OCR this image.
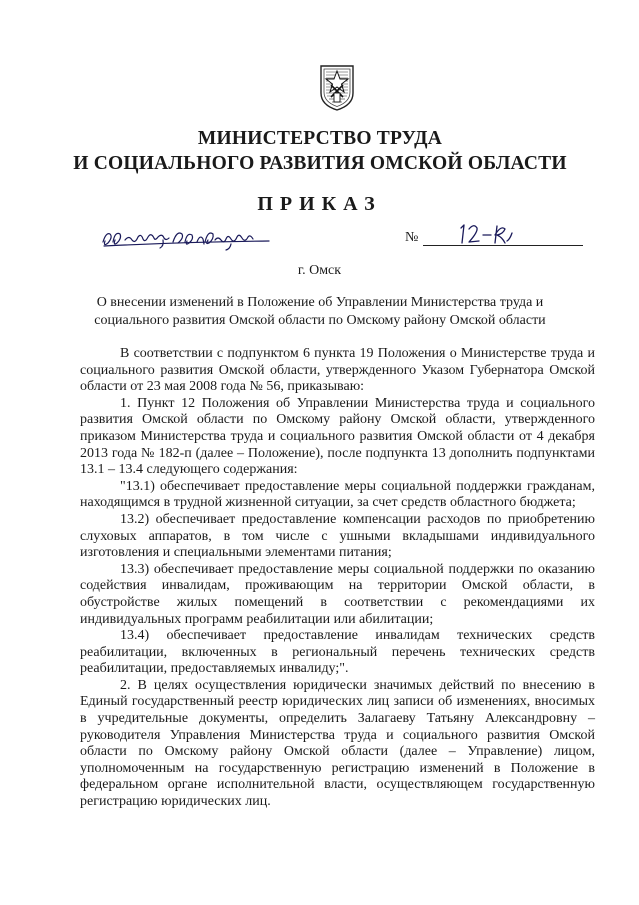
МИНИСТЕРСТВО ТРУДА
И СОЦИАЛЬНОГО РАЗВИТИЯ ОМСКОЙ ОБЛАСТИ
ПРИКАЗ
№
г. Омск
О внесении изменений в Положение об Управлении Министерства труда и социального развития Омской области по Омскому району Омской области

В соответствии с подпунктом 6 пункта 19 Положения о Министерстве труда и социального развития Омской области, утвержденного Указом Губернатора Омской области от 23 мая 2008 года № 56, приказываю:

1. Пункт 12 Положения об Управлении Министерства труда и социального развития Омской области по Омскому району Омской области, утвержденного приказом Министерства труда и социального развития Омской области от 4 декабря 2013 года № 182-п (далее – Положение), после подпункта 13 дополнить подпунктами 13.1 – 13.4 следующего содержания:

"13.1) обеспечивает предоставление меры социальной поддержки гражданам, находящимся в трудной жизненной ситуации, за счет средств областного бюджета;

13.2) обеспечивает предоставление компенсации расходов по приобретению слуховых аппаратов, в том числе с ушными вкладышами индивидуального изготовления и специальными элементами питания;

13.3) обеспечивает предоставление меры социальной поддержки по оказанию содействия инвалидам, проживающим на территории Омской области, в обустройстве жилых помещений в соответствии с рекомендациями их индивидуальных программ реабилитации или абилитации;

13.4) обеспечивает предоставление инвалидам технических средств реабилитации, включенных в региональный перечень технических средств реабилитации, предоставляемых инвалиду;".

2. В целях осуществления юридически значимых действий по внесению в Единый государственный реестр юридических лиц записи об изменениях, вносимых в учредительные документы, определить Залагаеву Татьяну Александровну – руководителя Управления Министерства труда и социального развития Омской области по Омскому району Омской области (далее – Управление) лицом, уполномоченным на государственную регистрацию изменений в Положение в федеральном органе исполнительной власти, осуществляющем государственную регистрацию юридических лиц.
